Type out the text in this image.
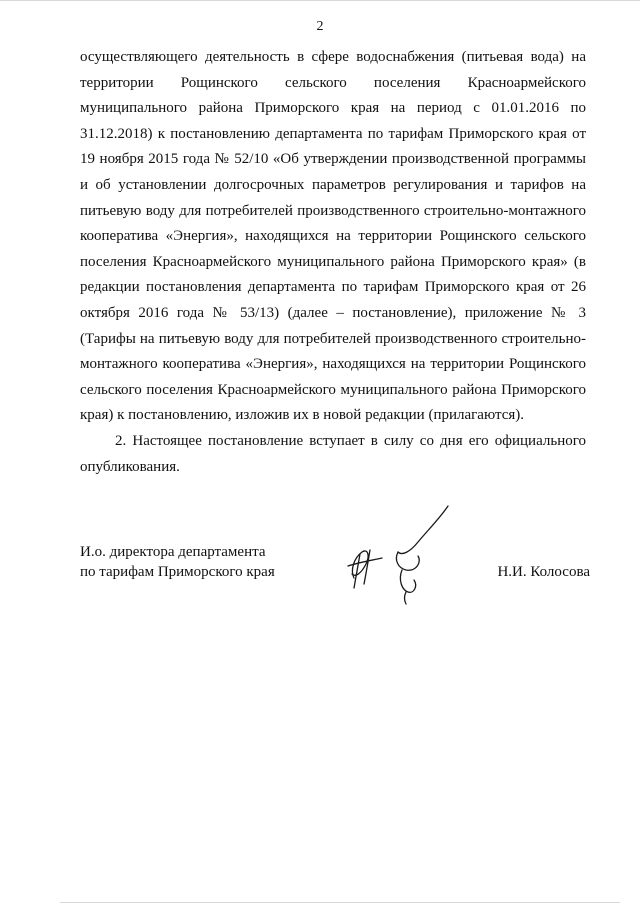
2

осуществляющего деятельность в сфере водоснабжения (питьевая вода) на территории Рощинского сельского поселения Красноармейского муниципального района Приморского края на период с 01.01.2016 по 31.12.2018) к постановлению департамента по тарифам Приморского края от 19 ноября 2015 года № 52/10 «Об утверждении производственной программы и об установлении долгосрочных параметров регулирования и тарифов на питьевую воду для потребителей производственного строительно-монтажного кооператива «Энергия», находящихся на территории Рощинского сельского поселения Красноармейского муниципального района Приморского края» (в редакции постановления департамента по тарифам Приморского края от 26 октября 2016 года № 53/13) (далее – постановление), приложение № 3 (Тарифы на питьевую воду для потребителей производственного строительно-монтажного кооператива «Энергия», находящихся на территории Рощинского сельского поселения Красноармейского муниципального района Приморского края) к постановлению, изложив их в новой редакции (прилагаются).

2. Настоящее постановление вступает в силу со дня его официального опубликования.

И.о. директора департамента
по тарифам Приморского края	Н.И. Колосова
